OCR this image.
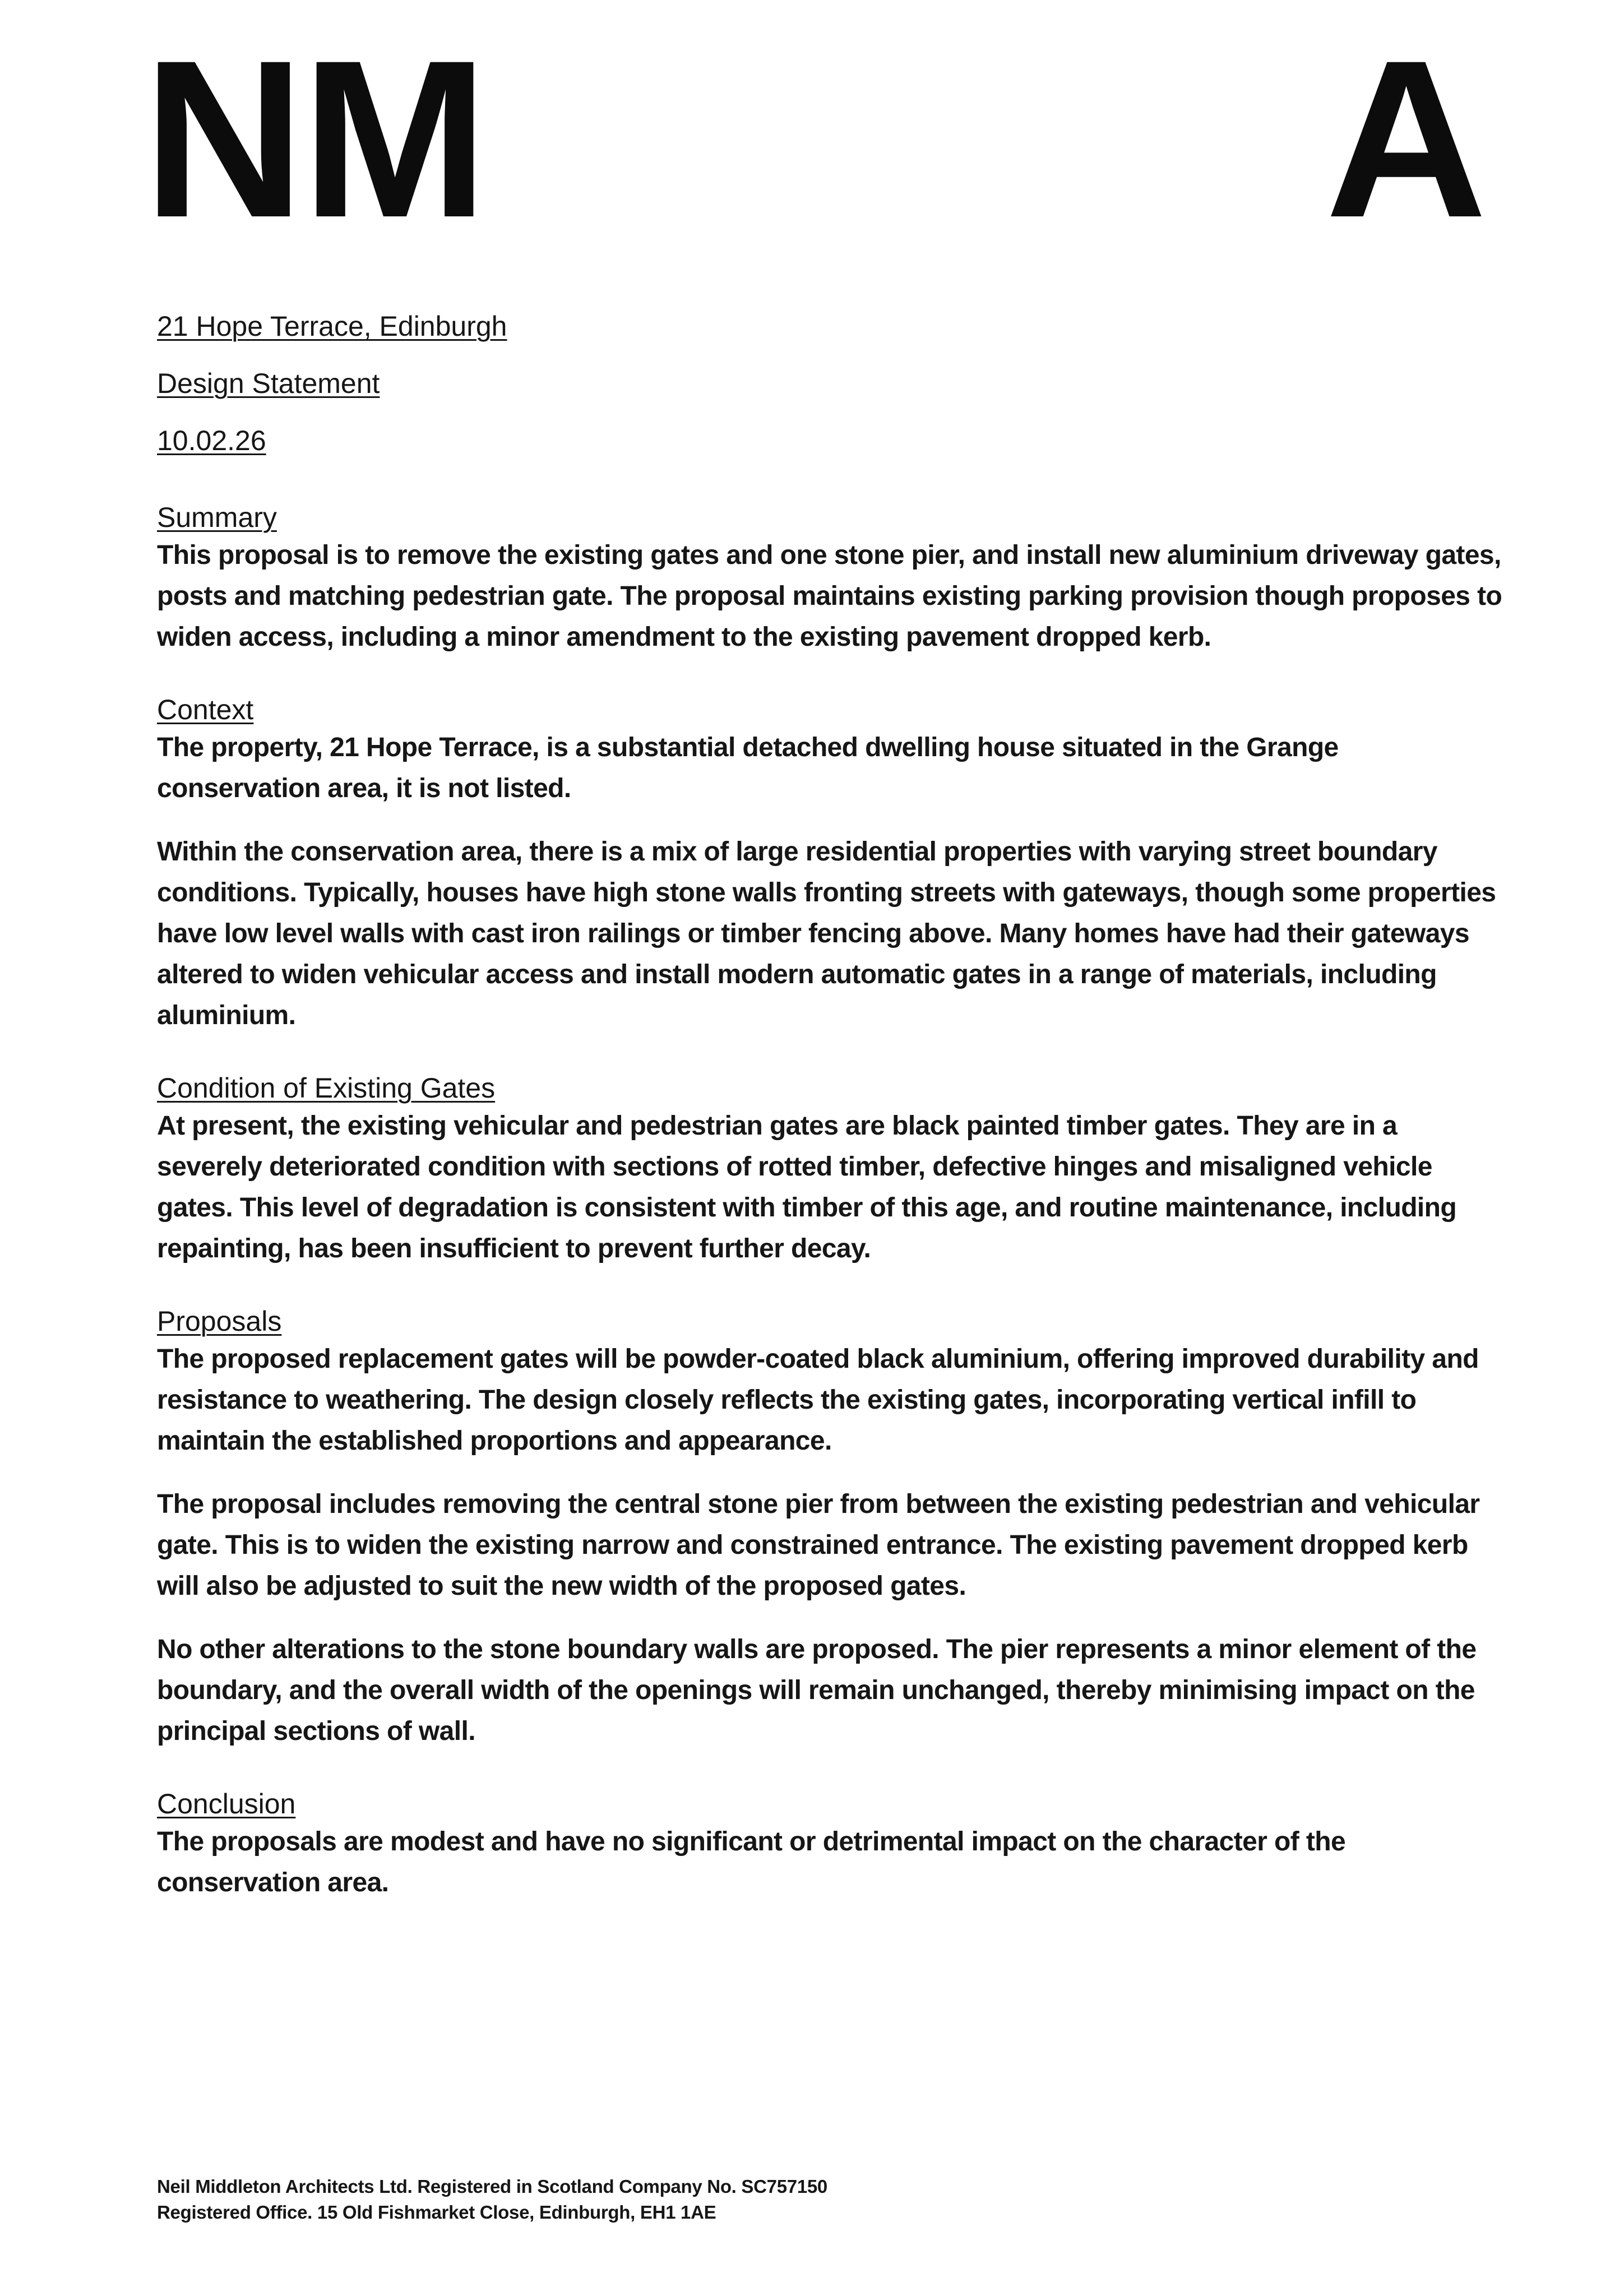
NM	A
21 Hope Terrace, Edinburgh
Design Statement
10.02.26
Summary

This proposal is to remove the existing gates and one stone pier, and install new aluminium driveway gates, posts and matching pedestrian gate. The proposal maintains existing parking provision though proposes to widen access, including a minor amendment to the existing pavement dropped kerb.

Context

The property, 21 Hope Terrace, is a substantial detached dwelling house situated in the Grange conservation area, it is not listed.

Within the conservation area, there is a mix of large residential properties with varying street boundary conditions. Typically, houses have high stone walls fronting streets with gateways, though some properties have low level walls with cast iron railings or timber fencing above. Many homes have had their gateways altered to widen vehicular access and install modern automatic gates in a range of materials, including aluminium.

Condition of Existing Gates

At present, the existing vehicular and pedestrian gates are black painted timber gates. They are in a severely deteriorated condition with sections of rotted timber, defective hinges and misaligned vehicle gates. This level of degradation is consistent with timber of this age, and routine maintenance, including repainting, has been insufficient to prevent further decay.

Proposals

The proposed replacement gates will be powder-coated black aluminium, offering improved durability and resistance to weathering. The design closely reflects the existing gates, incorporating vertical infill to maintain the established proportions and appearance.

The proposal includes removing the central stone pier from between the existing pedestrian and vehicular gate. This is to widen the existing narrow and constrained entrance. The existing pavement dropped kerb will also be adjusted to suit the new width of the proposed gates.

No other alterations to the stone boundary walls are proposed. The pier represents a minor element of the boundary, and the overall width of the openings will remain unchanged, thereby minimising impact on the principal sections of wall.

Conclusion

The proposals are modest and have no significant or detrimental impact on the character of the conservation area.

Neil Middleton Architects Ltd. Registered in Scotland Company No. SC757150
Registered Office. 15 Old Fishmarket Close, Edinburgh, EH1 1AE
